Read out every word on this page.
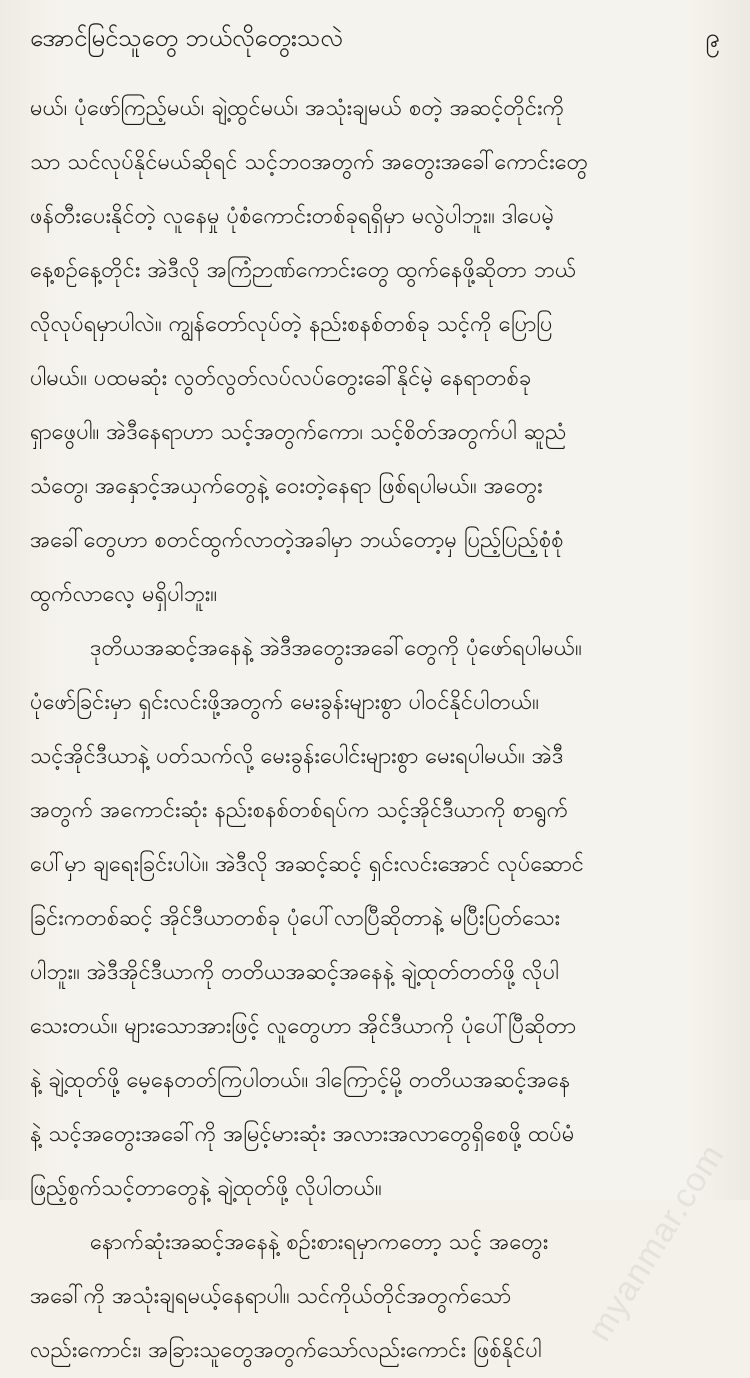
အောင်မြင်သူတွေ ဘယ်လိုတွေးသလဲ	၉
မယ်၊ ပုံဖော်ကြည့်မယ်၊ ချဲ့ထွင်မယ်၊ အသုံးချမယ် စတဲ့ အဆင့်တိုင်းကို
သာ သင်လုပ်နိုင်မယ်ဆိုရင် သင့်ဘဝအတွက် အတွေးအခေါ်ကောင်းတွေ
ဖန်တီးပေးနိုင်တဲ့ လူနေမှု ပုံစံကောင်းတစ်ခုရရှိမှာ မလွဲပါဘူး။ ဒါပေမဲ့
နေ့စဉ်နေ့တိုင်း အဲဒီလို အကြံဉာဏ်ကောင်းတွေ ထွက်နေဖို့ဆိုတာ ဘယ်
လိုလုပ်ရမှာပါလဲ။ ကျွန်တော်လုပ်တဲ့ နည်းစနစ်တစ်ခု သင့်ကို ပြောပြ
ပါမယ်။ ပထမဆုံး လွတ်လွတ်လပ်လပ်တွေးခေါ်နိုင်မဲ့ နေရာတစ်ခု
ရှာဖွေပါ။ အဲဒီနေရာဟာ သင့်အတွက်ကော၊ သင့်စိတ်အတွက်ပါ ဆူညံ
သံတွေ၊ အနှောင့်အယှက်တွေနဲ့ ဝေးတဲ့နေရာ ဖြစ်ရပါမယ်။ အတွေး
အခေါ်တွေဟာ စတင်ထွက်လာတဲ့အခါမှာ ဘယ်တော့မှ ပြည့်ပြည့်စုံစုံ
ထွက်လာလေ့ မရှိပါဘူး။
ဒုတိယအဆင့်အနေနဲ့ အဲဒီအတွေးအခေါ်တွေကို ပုံဖော်ရပါမယ်။
ပုံဖော်ခြင်းမှာ ရှင်းလင်းဖို့အတွက် မေးခွန်းများစွာ ပါဝင်နိုင်ပါတယ်။
သင့်အိုင်ဒီယာနဲ့ ပတ်သက်လို့ မေးခွန်းပေါင်းများစွာ မေးရပါမယ်။ အဲဒီ
အတွက် အကောင်းဆုံး နည်းစနစ်တစ်ရပ်က သင့်အိုင်ဒီယာကို စာရွက်
ပေါ်မှာ ချရေးခြင်းပါပဲ။ အဲဒီလို အဆင့်ဆင့် ရှင်းလင်းအောင် လုပ်ဆောင်
ခြင်းကတစ်ဆင့် အိုင်ဒီယာတစ်ခု ပုံပေါ်လာပြီဆိုတာနဲ့ မပြီးပြတ်သေး
ပါဘူး။ အဲဒီအိုင်ဒီယာကို တတိယအဆင့်အနေနဲ့ ချဲ့ထုတ်တတ်ဖို့ လိုပါ
သေးတယ်။ များသောအားဖြင့် လူတွေဟာ အိုင်ဒီယာကို ပုံပေါ်ပြီဆိုတာ
နဲ့ ချဲ့ထုတ်ဖို့ မေ့နေတတ်ကြပါတယ်။ ဒါကြောင့်မို့ တတိယအဆင့်အနေ
နဲ့ သင့်အတွေးအခေါ်ကို အမြင့်မားဆုံး အလားအလာတွေရှိစေဖို့ ထပ်မံ
ဖြည့်စွက်သင့်တာတွေနဲ့ ချဲ့ထုတ်ဖို့ လိုပါတယ်။
နောက်ဆုံးအဆင့်အနေနဲ့ စဉ်းစားရမှာကတော့ သင့် အတွေး
အခေါ်ကို အသုံးချရမယ့်နေရာပါ။ သင်ကိုယ်တိုင်အတွက်သော်
လည်းကောင်း၊ အခြားသူတွေအတွက်သော်လည်းကောင်း ဖြစ်နိုင်ပါ
myanmar.com
